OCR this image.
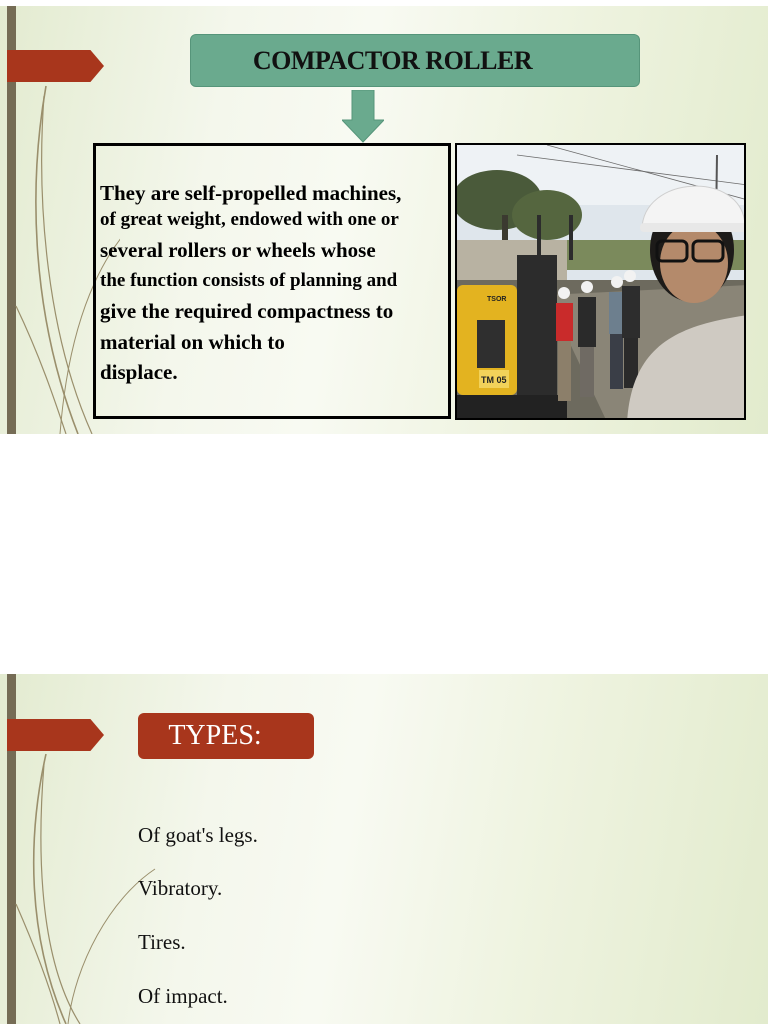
COMPACTOR ROLLER
They are self-propelled machines,
of great weight, endowed with one or
several rollers or wheels whose
the function consists of planning and
give the required compactness to
material on which to
displace.	TM 05
TSOR
TYPES:
Of goat's legs.
Vibratory.
Tires.
Of impact.
